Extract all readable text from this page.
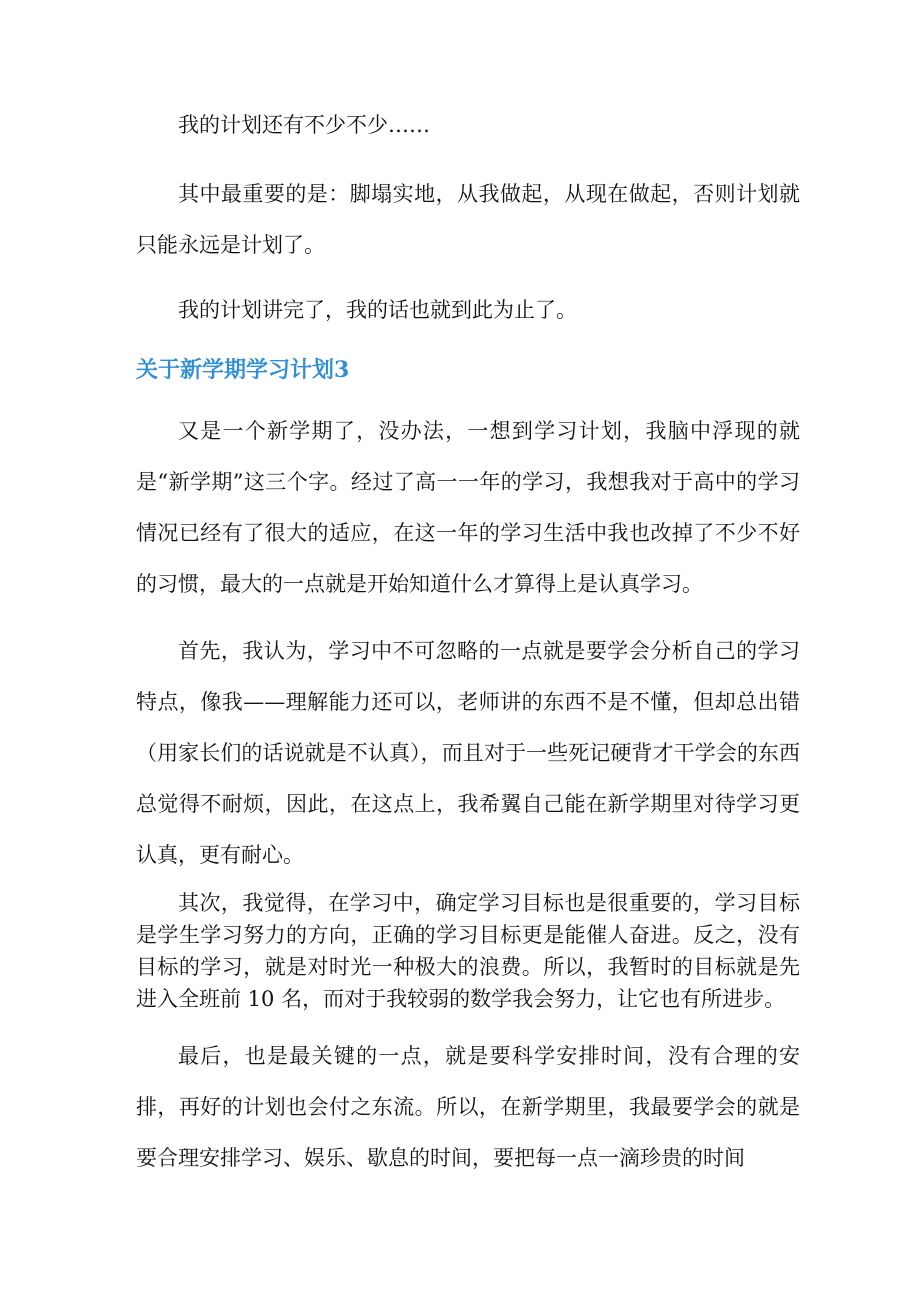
我的计划还有不少不少……

其中最重要的是：脚塌实地，从我做起，从现在做起，否则计划就只能永远是计划了。

我的计划讲完了，我的话也就到此为止了。

关于新学期学习计划3

又是一个新学期了，没办法，一想到学习计划，我脑中浮现的就是“新学期”这三个字。经过了高一一年的学习，我想我对于高中的学习情况已经有了很大的适应，在这一年的学习生活中我也改掉了不少不好的习惯，最大的一点就是开始知道什么才算得上是认真学习。

首先，我认为，学习中不可忽略的一点就是要学会分析自己的学习特点，像我——理解能力还可以，老师讲的东西不是不懂，但却总出错（用家长们的话说就是不认真），而且对于一些死记硬背才干学会的东西总觉得不耐烦，因此，在这点上，我希翼自己能在新学期里对待学习更认真，更有耐心。

其次，我觉得，在学习中，确定学习目标也是很重要的，学习目标是学生学习努力的方向，正确的学习目标更是能催人奋进。反之，没有目标的学习，就是对时光一种极大的浪费。所以，我暂时的目标就是先进入全班前 10 名，而对于我较弱的数学我会努力，让它也有所进步。

最后，也是最关键的一点，就是要科学安排时间，没有合理的安排，再好的计划也会付之东流。所以，在新学期里，我最要学会的就是要合理安排学习、娱乐、歇息的时间，要把每一点一滴珍贵的时间
